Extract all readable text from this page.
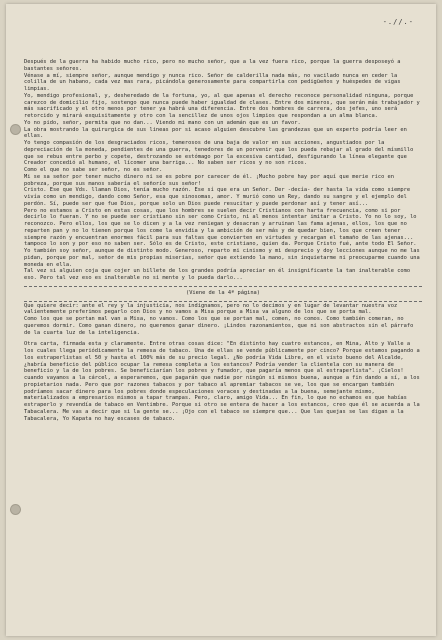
-.//.-

Después de la guerra ha habido mucho rico, pero no mucho señor, que a la vez fuera rico, porque la guerra desposeyó a bastantes señores.

Vénase a mí, siempre señor, aunque mendigo y nunca rico. Señor de calderilla nada más, no vacilado nunca en ceder la colilla de un habano, cada vez mas rara, picándola generosamente para compartirla con pedigüeños y huéspedes de vigas limpias.

Yo, mendigo profesional, y, desheredado de la fortuna, yo, al que apenas el derecho reconoce personalidad ninguna, porque carezco de domicilio fijo, sostengo que nunca puede haber igualdad de clases. Entre dos mineros, que serán más trabajador y más sacrificado y el otro menos por tener ya habrá una diferencia. Entre dos hombres de carrera, dos jefes, uno será retorcido y mirará exquisitamente y otro con la sencillez de unos ojos limpios que respondan a un alma blanca.

Yo no pido, señor, permita que no dan... Viendo mi mano con un ademán que es un favor.

La obra mostrando la quirurgica de sus lineas por si acaso alguien descubre las grandezas que un experto podría leer en ellas.

Yo tengo compasión de los desgraciados ricos, temerosos de una baja de valor en sus acciones, angustiados por la depreciación de la moneda, pendientes de una guerra, tenedores de un porvenir que los pueda rebajar al grado del mísmillo que se rebus entre perbo y copete, destrozando se estómago por la excesiva cantidad, desfigurando la línea elegante que Creador concedió al humano, el lícomer una barriga... No saben ser ricos y no son ricos.

Como el que no sabe ser señor, no es señor.

Mi se sa señor por tener mucho dinero ni se es pobre por carecer de él. ¡Mucho pobre hay por aquí que merie rico en pobreza, porque sus manos sabería el señorío sus señor!

Cristo. Ese que Vds. llaman Dios, tenía mucho razón. Ese sí que era un Señor. Der -decía- der hasta la vida como siempre vivía como un mendigo, dando como Señor, esa que sinosomas, amor. Y murió como un Rey, dando su sangre y el ejemplo del perdón. Sí, puede ser que fue Dios, porque solo un Dios puede resucitar y puede perdonar así y tener así...

Pero no estamos a Cristo en estas cosas, que los hombres se suelen decir Cristianos con harta frecuencia, como si por decirlo lo fueran. Y no se puede ser cristiano sin ser como Cristo, ni al menos intentar imitar a Cristo. Yo no lo soy, lo reconozco. Pero ellos, los que se lo dicen y a la vez reniegan y desacran y arruinan las fama ajenas, ellos, los que no reparten pan y no lo tienen porque los come la envidia y la ambición de ser más y de quedar bien, los que creen tener siempre razón y encuentran enormes fácil para sus faltas que convierten en virtudes y recargan el tamaño de las ajenas... tampoco lo son y por eso no saben ser. Sólo es de Cristo, este cristiano, quien da. Porque Cristo fué, ante todo El Señor.

Yo también soy señor, aunque de distinto modo. Generoso, reparto mi cinismo y mi desprecio y doy lecciones aunque no me las pidan, porque por mal, señor de mis propias miserias, señor que extiendo la mano, sin inquietarme ni preocuparme cuando una moneda en ella.

Tal vez si alguien coja que cojer un billete de los grandes podría apreciar en él insignificante la tan inalterable como eso. Pero tal vez eso es inalterable no si mente y lo pueda darlo...

(Viene de la 4ª página)

Que quiere decir: ante el rey y la injusticia, nos indignamos, pero no lo decimos y en lugar de levantar nuestra voz valientemente preferimos pegarlo con Dios y no vamos a Misa porque a Misa va alguno de los que se porta mal.

Como los que se portan mal van a Misa, no vamos. Como los que se portan mal, comen, no comos. Como también comeran, no queremos dormir. Como ganan dinero, no queremos ganar dinero. ¡Lindos razonamientos, que ni son abstractos sin el párrafo de la cuarta luz de la inteligencia.

Otra carta, firmada esta y claramente. Entre otras cosas dice: "En distinto hay cuatro estancos, en Mina, Alto y Valle a los cuales llega periódicamente la remesa de tabaco. Una de ellas se vende públicamente por cinco? Porque estamos pagando a los estraperlistas el 50 y hasta el 100% más de su precio legal. ¿No podría Vida Libre, en el visto bueno del Alcalde, ¿habría beneficio del público ocupar la remesa completa a los estancos? Podría vender la clientela con su manera de beneficio y la de los pobres. Se beneficiarían los pobres y fumador, que pagaría menos que al estraperlista". ¡Cielos! cuando vayamos a la cárcel, a esperaremos, que pagarán que nadie por ningún si mismos buena, aunque a fin dando a sí, a los propietarios nada. Pero que por razones tabacos y por tabaco al apremiar tabacos se ve, los que se encargan también podríamos sacar dinero para los pobres donde especulaciones voraces y destinadas a la buena, semejante mismo, materializados a empresarios mismos a tapar trampas. Pero, claro, amigo Vida... En fin, lo que no echamos es que habías estraperlo y revendía de tabaco en Ventimbre. Porque si otro se entera de hacer a los estancos, creo que él se acuerda a la Tabacalera. Me vas a decir que si la gente se... ¡Ojo con el tabaco se siempre que... Que las quejas se las digan a la Tabacalera, Yo Kapata no hay escases de tabaco.
